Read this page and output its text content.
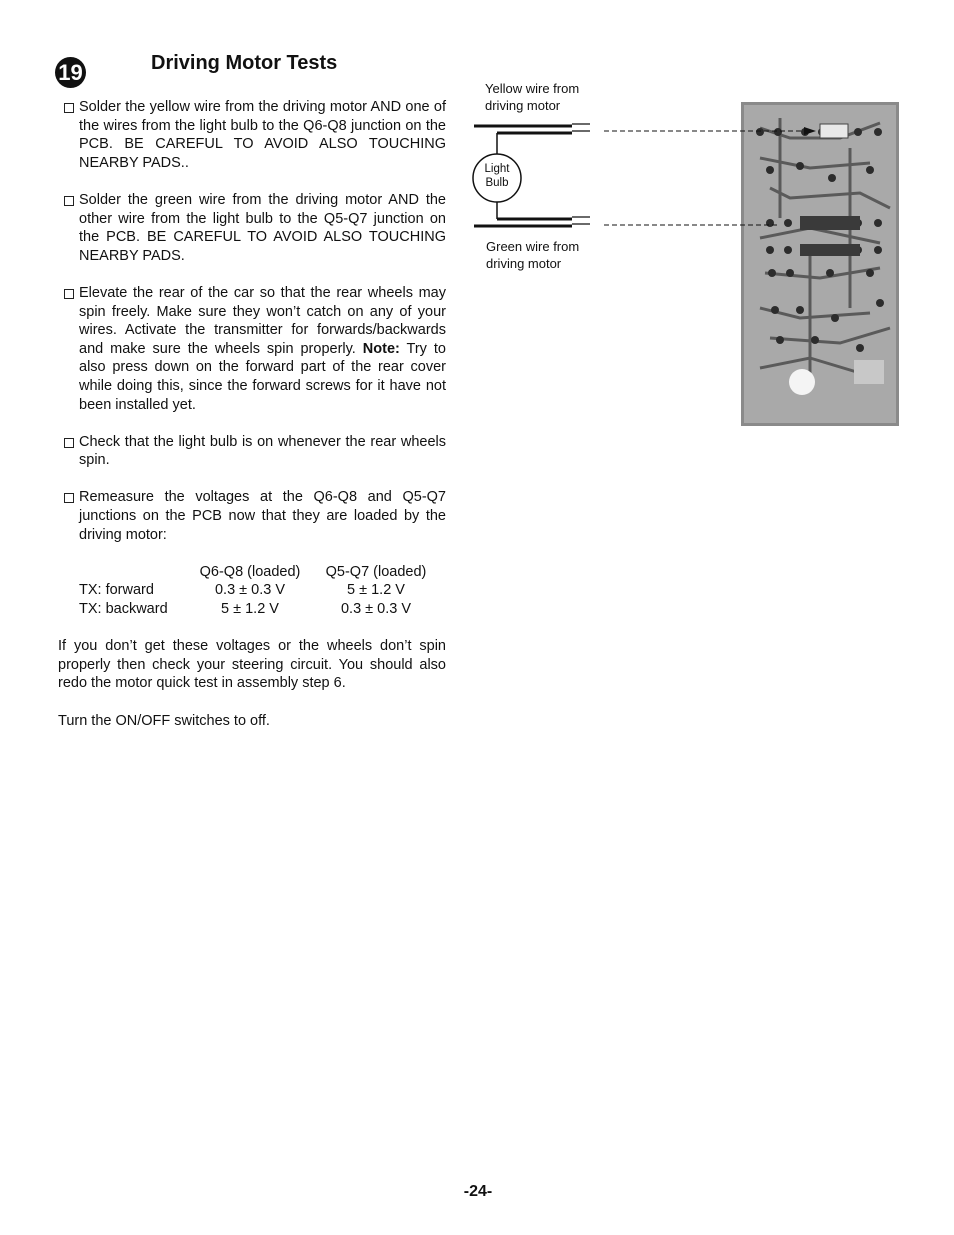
19	Driving Motor Tests
Solder the yellow wire from the driving motor AND one of the wires from the light bulb to the Q6-Q8 junction on the PCB. BE CAREFUL TO AVOID ALSO TOUCHING NEARBY PADS..
Solder the green wire from the driving motor AND the other wire from the light bulb to the Q5-Q7 junction on the PCB. BE CAREFUL TO AVOID ALSO TOUCHING NEARBY PADS.
Elevate the rear of the car so that the rear wheels may spin freely. Make sure they won’t catch on any of your wires. Activate the transmitter for forwards/backwards and make sure the wheels spin properly. Note: Try to also press down on the forward part of the rear cover while doing this, since the forward screws for it have not been installed yet.
Check that the light bulb is on whenever the rear wheels spin.
Remeasure the voltages at the Q6-Q8 and Q5-Q7 junctions on the PCB now that they are loaded by the driving motor:
	Q6-Q8 (loaded)	Q5-Q7 (loaded)
TX: forward	0.3 ± 0.3 V	5 ± 1.2 V
TX: backward	5 ± 1.2 V	0.3 ± 0.3 V

If you don’t get these voltages or the wheels don’t spin properly then check your steering circuit. You should also redo the motor quick test in assembly step 6.

Turn the ON/OFF switches to off.

Yellow wire from
driving motor
Light
Bulb
Green wire from
driving motor
-24-
